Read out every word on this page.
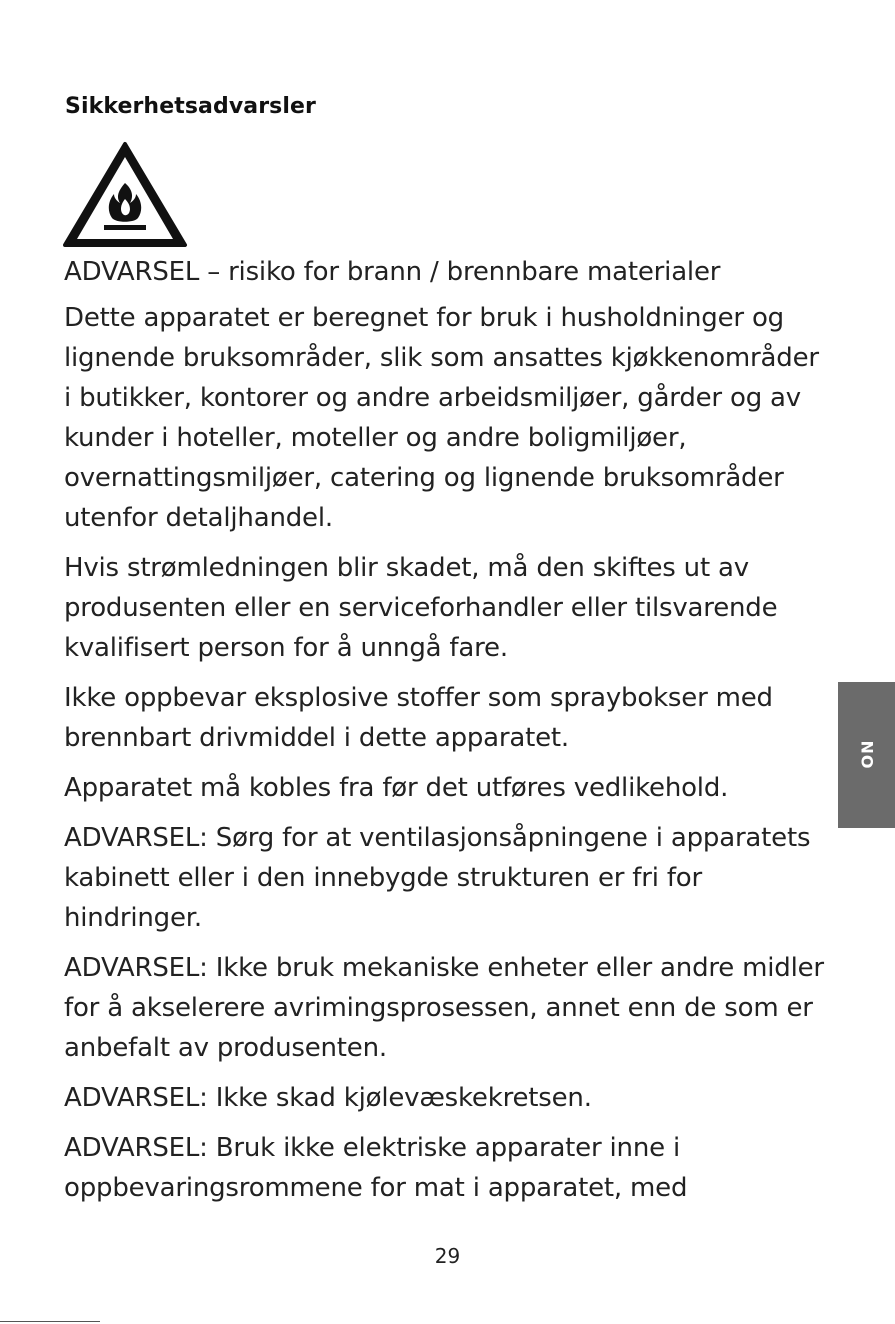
Sikkerhetsadvarsler

ADVARSEL – risiko for brann / brennbare materialer

Dette apparatet er beregnet for bruk i husholdninger og lignende bruksområder, slik som ansattes kjøkkenområder i butikker, kontorer og andre arbeidsmiljøer, gårder og av kunder i hoteller, moteller og andre boligmiljøer, overnattingsmiljøer, catering og lignende bruksområder utenfor detaljhandel.

Hvis strømledningen blir skadet, må den skiftes ut av produsenten eller en serviceforhandler eller tilsvarende kvalifisert person for å unngå fare.

Ikke oppbevar eksplosive stoffer som spraybokser med brennbart drivmiddel i dette apparatet.

Apparatet må kobles fra før det utføres vedlikehold.

ADVARSEL: Sørg for at ventilasjonsåpningene i apparatets kabinett eller i den innebygde strukturen er fri for hindringer.

ADVARSEL: Ikke bruk mekaniske enheter eller andre midler for å akselerere avrimingsprosessen, annet enn de som er anbefalt av produsenten.

ADVARSEL: Ikke skad kjølevæskekretsen.

ADVARSEL: Bruk ikke elektriske apparater inne i oppbevaringsrommene for mat i apparatet, med

NO
29
